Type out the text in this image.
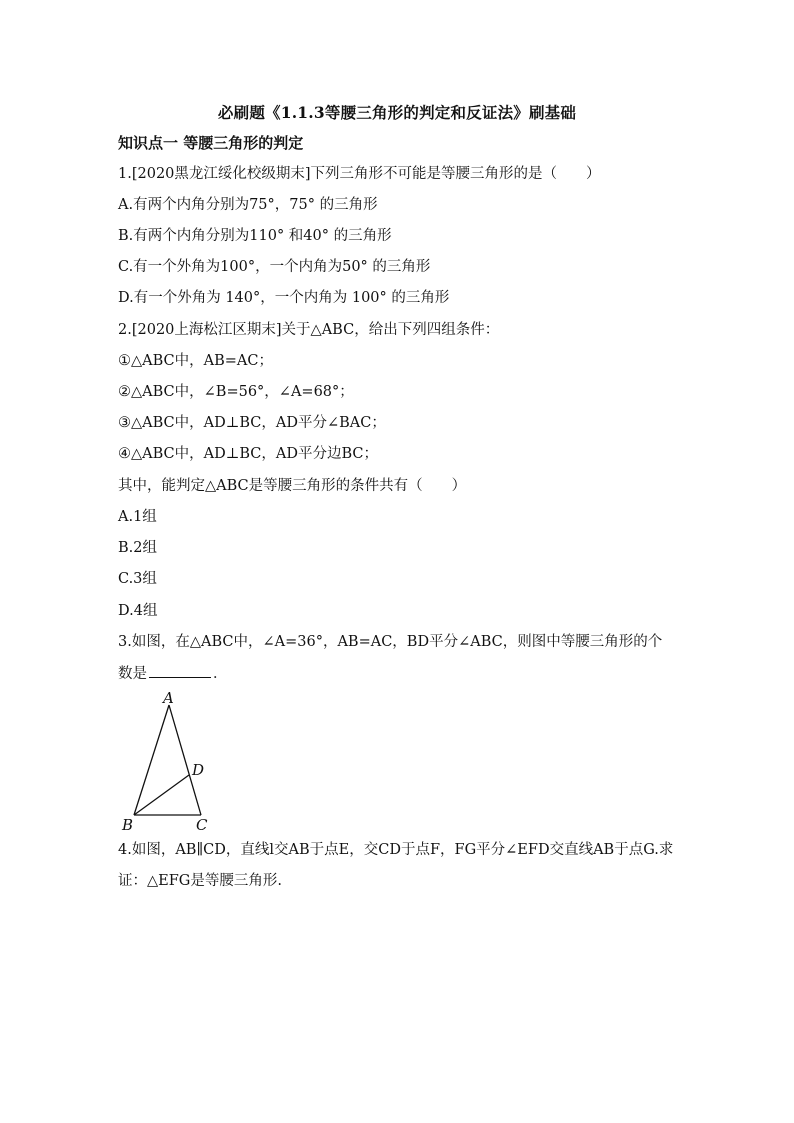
必刷题《1.1.3等腰三角形的判定和反证法》刷基础
知识点一 等腰三角形的判定
1.[2020黑龙江绥化校级期末]下列三角形不可能是等腰三角形的是（　　）
A.有两个内角分别为75°，75° 的三角形
B.有两个内角分别为110° 和40° 的三角形
C.有一个外角为100°，一个内角为50° 的三角形
D.有一个外角为 140°，一个内角为 100° 的三角形
2.[2020上海松江区期末]关于△ABC，给出下列四组条件：
①△ABC中，AB=AC；
②△ABC中，∠B=56°，∠A=68°；
③△ABC中，AD⊥BC，AD平分∠BAC；
④△ABC中，AD⊥BC，AD平分边BC；
其中，能判定△ABC是等腰三角形的条件共有（　　）
A.1组
B.2组
C.3组
D.4组
3.如图，在△ABC中，∠A=36°，AB=AC，BD平分∠ABC，则图中等腰三角形的个
数是	．
A
B	C
D
4.如图，AB∥CD，直线l交AB于点E，交CD于点F，FG平分∠EFD交直线AB于点G.求
证：△EFG是等腰三角形.
